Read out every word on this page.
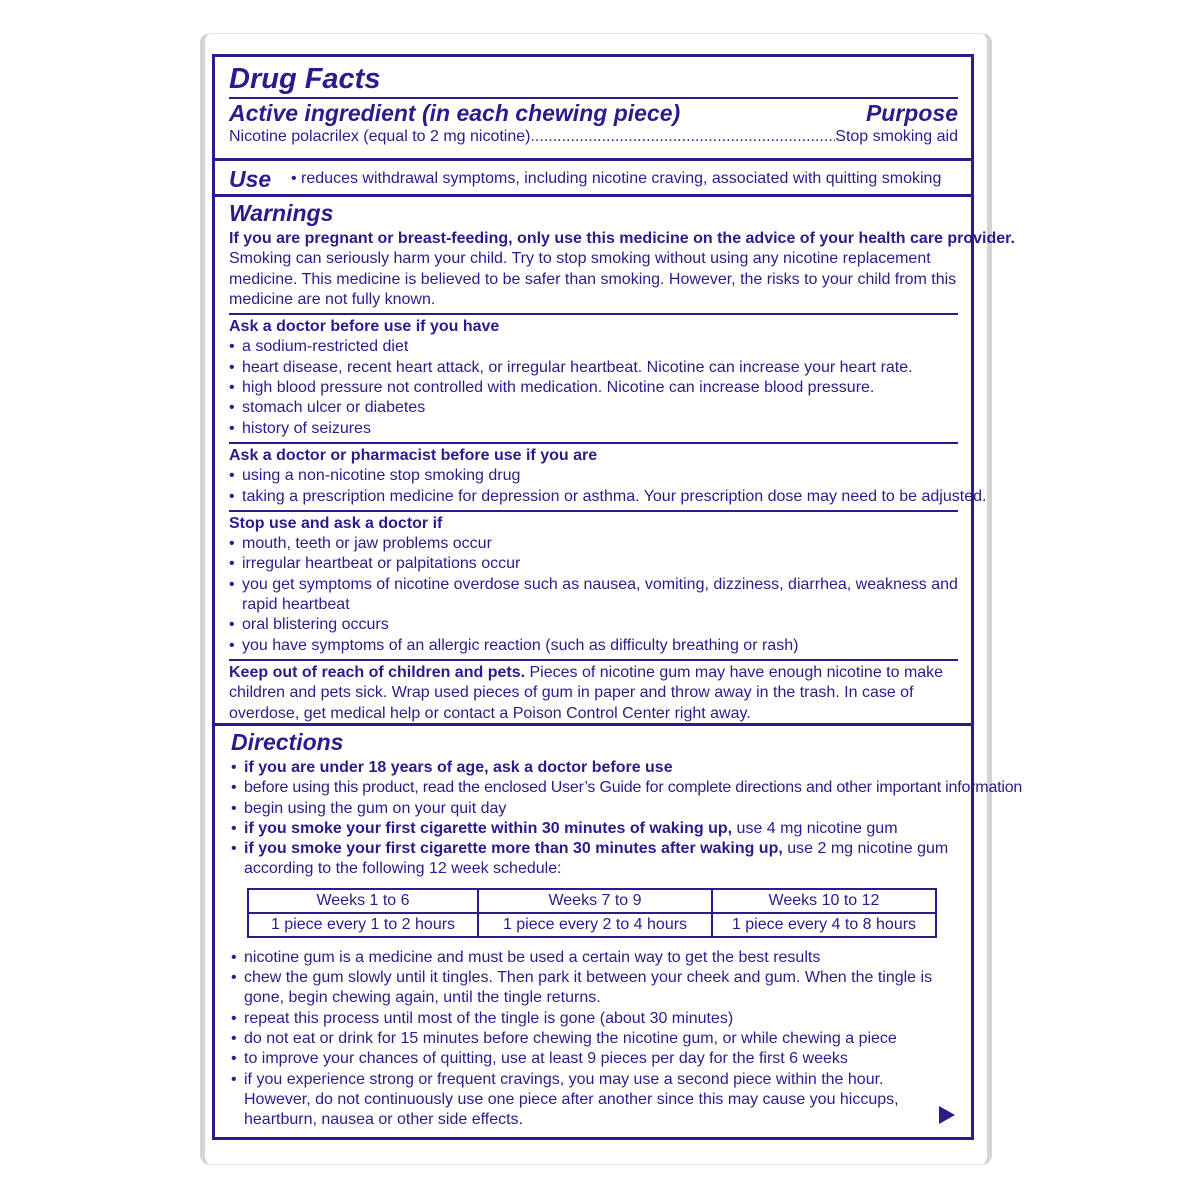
Drug Facts
Active ingredient (in each chewing piece)	Purpose
Nicotine polacrilex (equal to 2 mg nicotine) .....	Stop smoking aid
Use	• reduces withdrawal symptoms, including nicotine craving, associated with quitting smoking
Warnings
If you are pregnant or breast-feeding, only use this medicine on the advice of your health care provider.
Smoking can seriously harm your child. Try to stop smoking without using any nicotine replacement
medicine. This medicine is believed to be safer than smoking. However, the risks to your child from this
medicine are not fully known.
Ask a doctor before use if you have
• a sodium-restricted diet
• heart disease, recent heart attack, or irregular heartbeat. Nicotine can increase your heart rate.
• high blood pressure not controlled with medication. Nicotine can increase blood pressure.
• stomach ulcer or diabetes
• history of seizures
Ask a doctor or pharmacist before use if you are
• using a non-nicotine stop smoking drug
• taking a prescription medicine for depression or asthma. Your prescription dose may need to be adjusted.
Stop use and ask a doctor if
• mouth, teeth or jaw problems occur
• irregular heartbeat or palpitations occur
• you get symptoms of nicotine overdose such as nausea, vomiting, dizziness, diarrhea, weakness and
rapid heartbeat
• oral blistering occurs
• you have symptoms of an allergic reaction (such as difficulty breathing or rash)
Keep out of reach of children and pets. Pieces of nicotine gum may have enough nicotine to make
children and pets sick. Wrap used pieces of gum in paper and throw away in the trash. In case of
overdose, get medical help or contact a Poison Control Center right away.
Directions
• if you are under 18 years of age, ask a doctor before use
• before using this product, read the enclosed User’s Guide for complete directions and other important information
• begin using the gum on your quit day
• if you smoke your first cigarette within 30 minutes of waking up, use 4 mg nicotine gum
• if you smoke your first cigarette more than 30 minutes after waking up, use 2 mg nicotine gum
according to the following 12 week schedule:
Weeks 1 to 6	Weeks 7 to 9	Weeks 10 to 12
1 piece every 1 to 2 hours	1 piece every 2 to 4 hours	1 piece every 4 to 8 hours
• nicotine gum is a medicine and must be used a certain way to get the best results
• chew the gum slowly until it tingles. Then park it between your cheek and gum. When the tingle is
gone, begin chewing again, until the tingle returns.
• repeat this process until most of the tingle is gone (about 30 minutes)
• do not eat or drink for 15 minutes before chewing the nicotine gum, or while chewing a piece
• to improve your chances of quitting, use at least 9 pieces per day for the first 6 weeks
• if you experience strong or frequent cravings, you may use a second piece within the hour.
However, do not continuously use one piece after another since this may cause you hiccups,
heartburn, nausea or other side effects.
